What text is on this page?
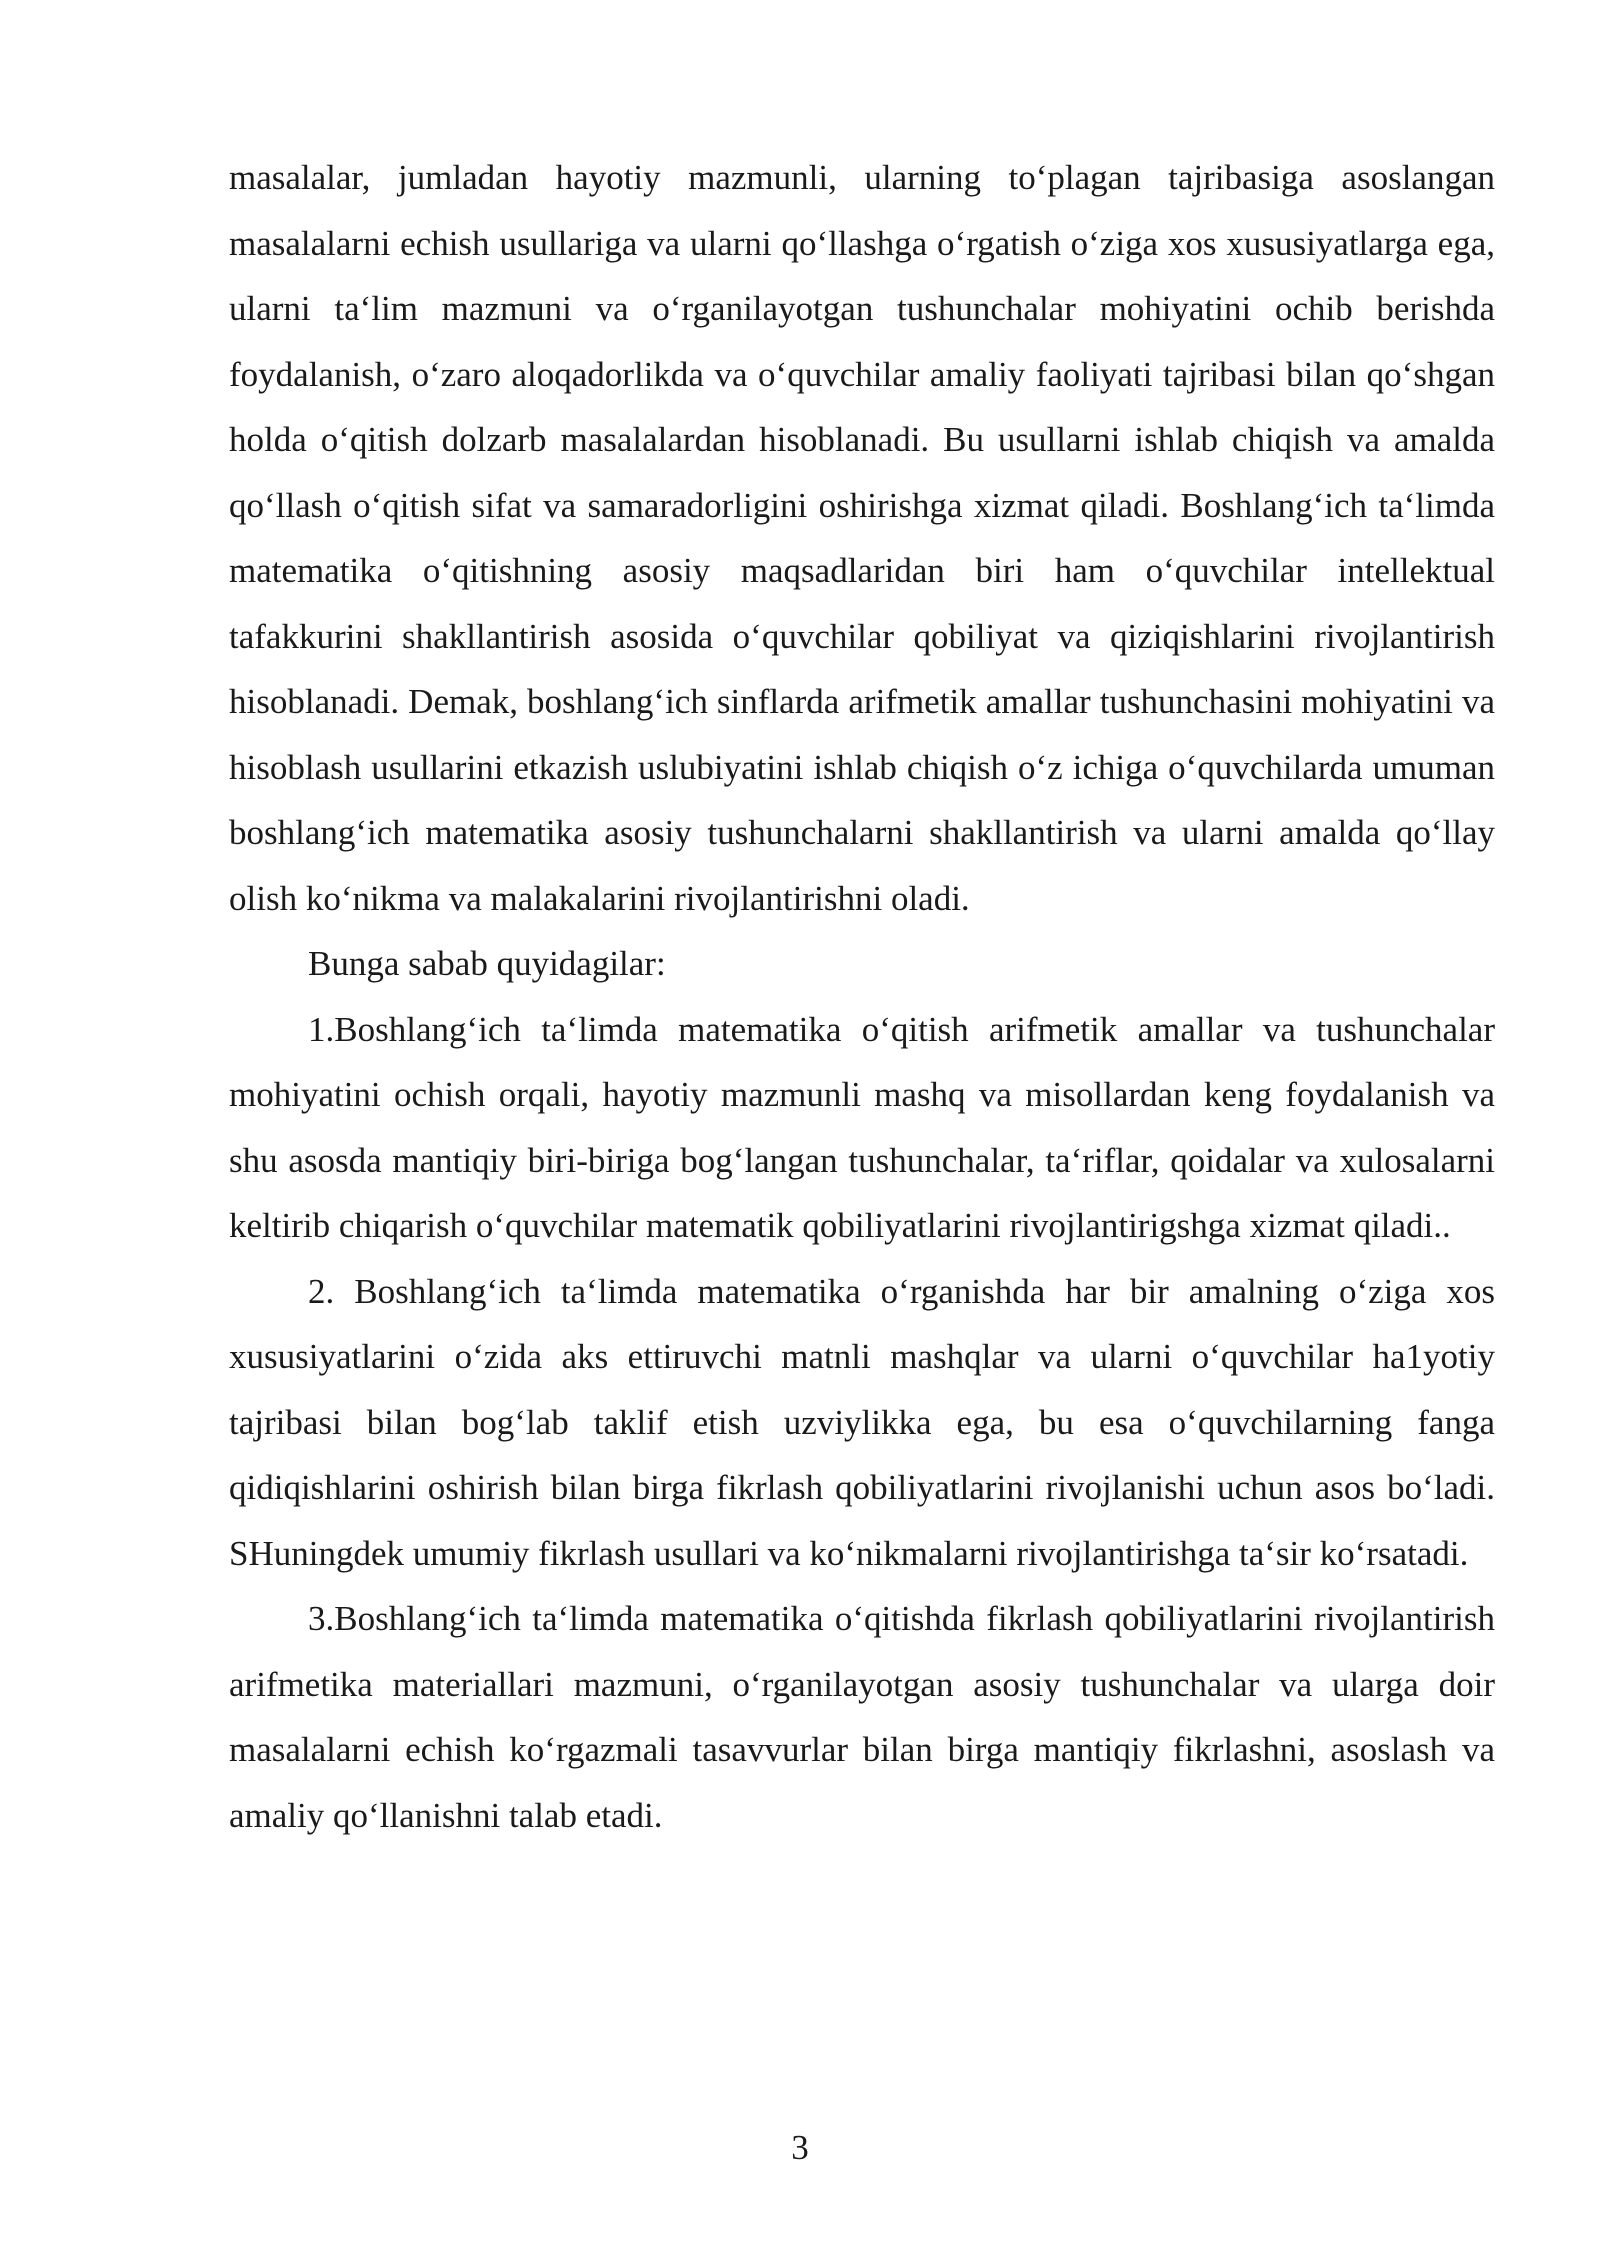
masalalar, jumladan hayotiy mazmunli, ularning to‘plagan tajribasiga asoslangan masalalarni echish usullariga va ularni qo‘llashga o‘rgatish o‘ziga xos xususiyatlarga ega, ularni ta‘lim mazmuni va o‘rganilayotgan tushunchalar mohiyatini ochib berishda foydalanish, o‘zaro aloqadorlikda va o‘quvchilar amaliy faoliyati tajribasi bilan qo‘shgan holda o‘qitish dolzarb masalalardan hisoblanadi. Bu usullarni ishlab chiqish va amalda qo‘llash o‘qitish sifat va samaradorligini oshirishga xizmat qiladi. Boshlang‘ich ta‘limda matematika o‘qitishning asosiy maqsadlaridan biri ham o‘quvchilar intellektual tafakkurini shakllantirish asosida o‘quvchilar qobiliyat va qiziqishlarini rivojlantirish hisoblanadi. Demak, boshlang‘ich sinflarda arifmetik amallar tushunchasini mohiyatini va hisoblash usullarini etkazish uslubiyatini ishlab chiqish o‘z ichiga o‘quvchilarda umuman boshlang‘ich matematika asosiy tushunchalarni shakllantirish va ularni amalda qo‘llay olish ko‘nikma va malakalarini rivojlantirishni oladi.

Bunga sabab quyidagilar:

1.Boshlang‘ich ta‘limda matematika o‘qitish arifmetik amallar va tushunchalar mohiyatini ochish orqali, hayotiy mazmunli mashq va misollardan keng foydalanish va shu asosda mantiqiy biri-biriga bog‘langan tushunchalar, ta‘riflar, qoidalar va xulosalarni keltirib chiqarish o‘quvchilar matematik qobiliyatlarini rivojlantirigshga xizmat qiladi..

2. Boshlang‘ich ta‘limda matematika o‘rganishda har bir amalning o‘ziga xos xususiyatlarini o‘zida aks ettiruvchi matnli mashqlar va ularni o‘quvchilar ha1yotiy tajribasi bilan bog‘lab taklif etish uzviylikka ega, bu esa o‘quvchilarning fanga qidiqishlarini oshirish bilan birga fikrlash qobiliyatlarini rivojlanishi uchun asos bo‘ladi. SHuningdek umumiy fikrlash usullari va ko‘nikmalarni rivojlantirishga ta‘sir ko‘rsatadi.

3.Boshlang‘ich ta‘limda matematika o‘qitishda fikrlash qobiliyatlarini rivojlantirish arifmetika materiallari mazmuni, o‘rganilayotgan asosiy tushunchalar va ularga doir masalalarni echish ko‘rgazmali tasavvurlar bilan birga mantiqiy fikrlashni, asoslash va amaliy qo‘llanishni talab etadi.

3
